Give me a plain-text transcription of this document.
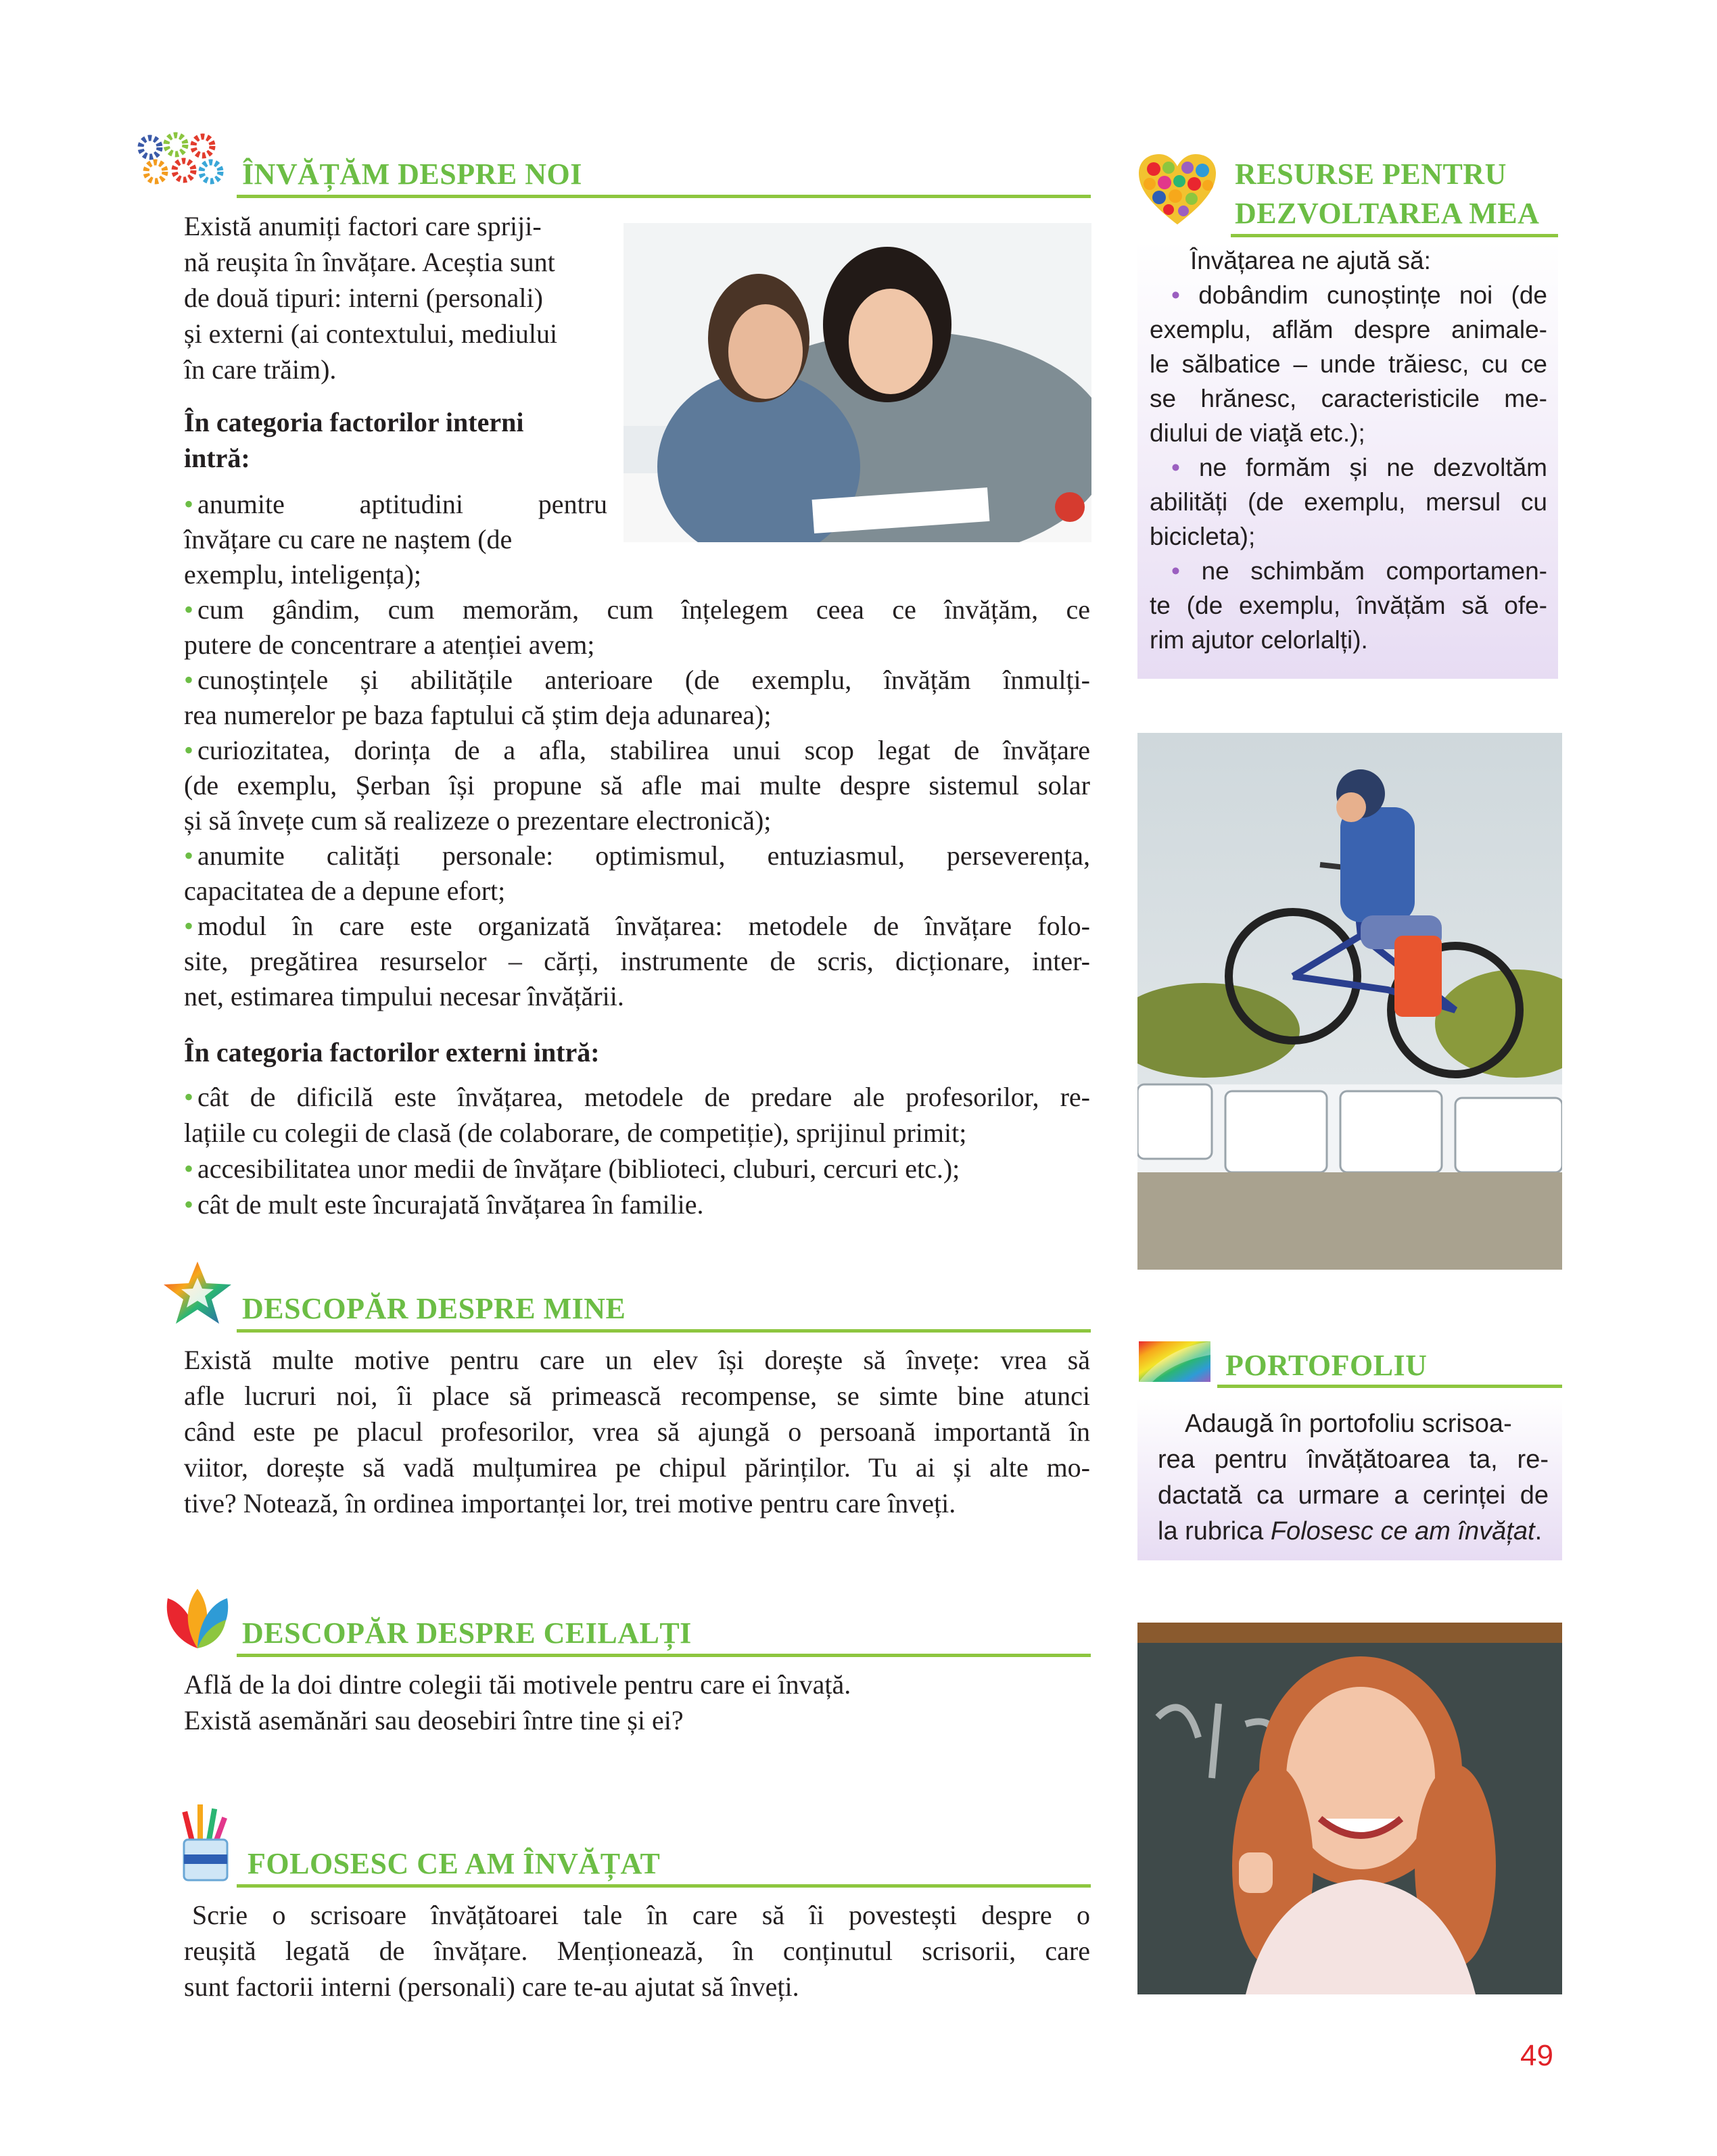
ÎNVĂȚĂM DESPRE NOI

Există anumiți factori care spriji-

nă reușita în învățare. Aceștia sunt

de două tipuri: interni (personali)

și externi (ai contextului, mediului

în care trăim).

În categoria factorilor interni

intră:

• anumite aptitudini pentru

învățare cu care ne naștem (de

exemplu, inteligența);

• cum gândim, cum memorăm, cum înțelegem ceea ce învățăm, ce

putere de concentrare a atenției avem;

• cunoștințele și abilitățile anterioare (de exemplu, învățăm înmulți-

rea numerelor pe baza faptului că știm deja adunarea);

• curiozitatea, dorința de a afla, stabilirea unui scop legat de învățare

(de exemplu, Șerban își propune să afle mai multe despre sistemul solar

și să învețe cum să realizeze o prezentare electronică);

• anumite calități personale: optimismul, entuziasmul, perseverența,

capacitatea de a depune efort;

• modul în care este organizată învățarea: metodele de învățare folo-

site, pregătirea resurselor – cărți, instrumente de scris, dicționare, inter-

net, estimarea timpului necesar învățării.

În categoria factorilor externi intră:

• cât de dificilă este învățarea, metodele de predare ale profesorilor, re-

lațiile cu colegii de clasă (de colaborare, de competiție), sprijinul primit;

• accesibilitatea unor medii de învățare (biblioteci, cluburi, cercuri etc.);

• cât de mult este încurajată învățarea în familie.

DESCOPĂR DESPRE MINE

Există multe motive pentru care un elev își dorește să învețe: vrea să

afle lucruri noi, îi place să primească recompense, se simte bine atunci

când este pe placul profesorilor, vrea să ajungă o persoană importantă în

viitor, dorește să vadă mulțumirea pe chipul părinților. Tu ai și alte mo-

tive? Notează, în ordinea importanței lor, trei motive pentru care înveți.

DESCOPĂR DESPRE CEILALȚI

Află de la doi dintre colegii tăi motivele pentru care ei învață.

Există asemănări sau deosebiri între tine și ei?

FOLOSESC CE AM ÎNVĂȚAT

Scrie o scrisoare învățătoarei tale în care să îi povestești despre o

reușită legată de învățare. Menționează, în conținutul scrisorii, care

sunt factorii interni (personali) care te-au ajutat să înveți.

RESURSE PENTRU
DEZVOLTAREA MEA

Învățarea ne ajută să:

• dobândim cunoștințe noi (de

exemplu, aflăm despre animale-

le sălbatice – unde trăiesc, cu ce

se hrănesc, caracteristicile me-

diului de viaţă etc.);

• ne formăm și ne dezvoltăm

abilități (de exemplu, mersul cu

bicicleta);

• ne schimbăm comportamen-

te (de exemplu, învățăm să ofe-

rim ajutor celorlalți).

PORTOFOLIU

Adaugă în portofoliu scrisoa-

rea pentru învățătoarea ta, re-

dactată ca urmare a cerinței de

la rubrica Folosesc ce am învățat.

49
